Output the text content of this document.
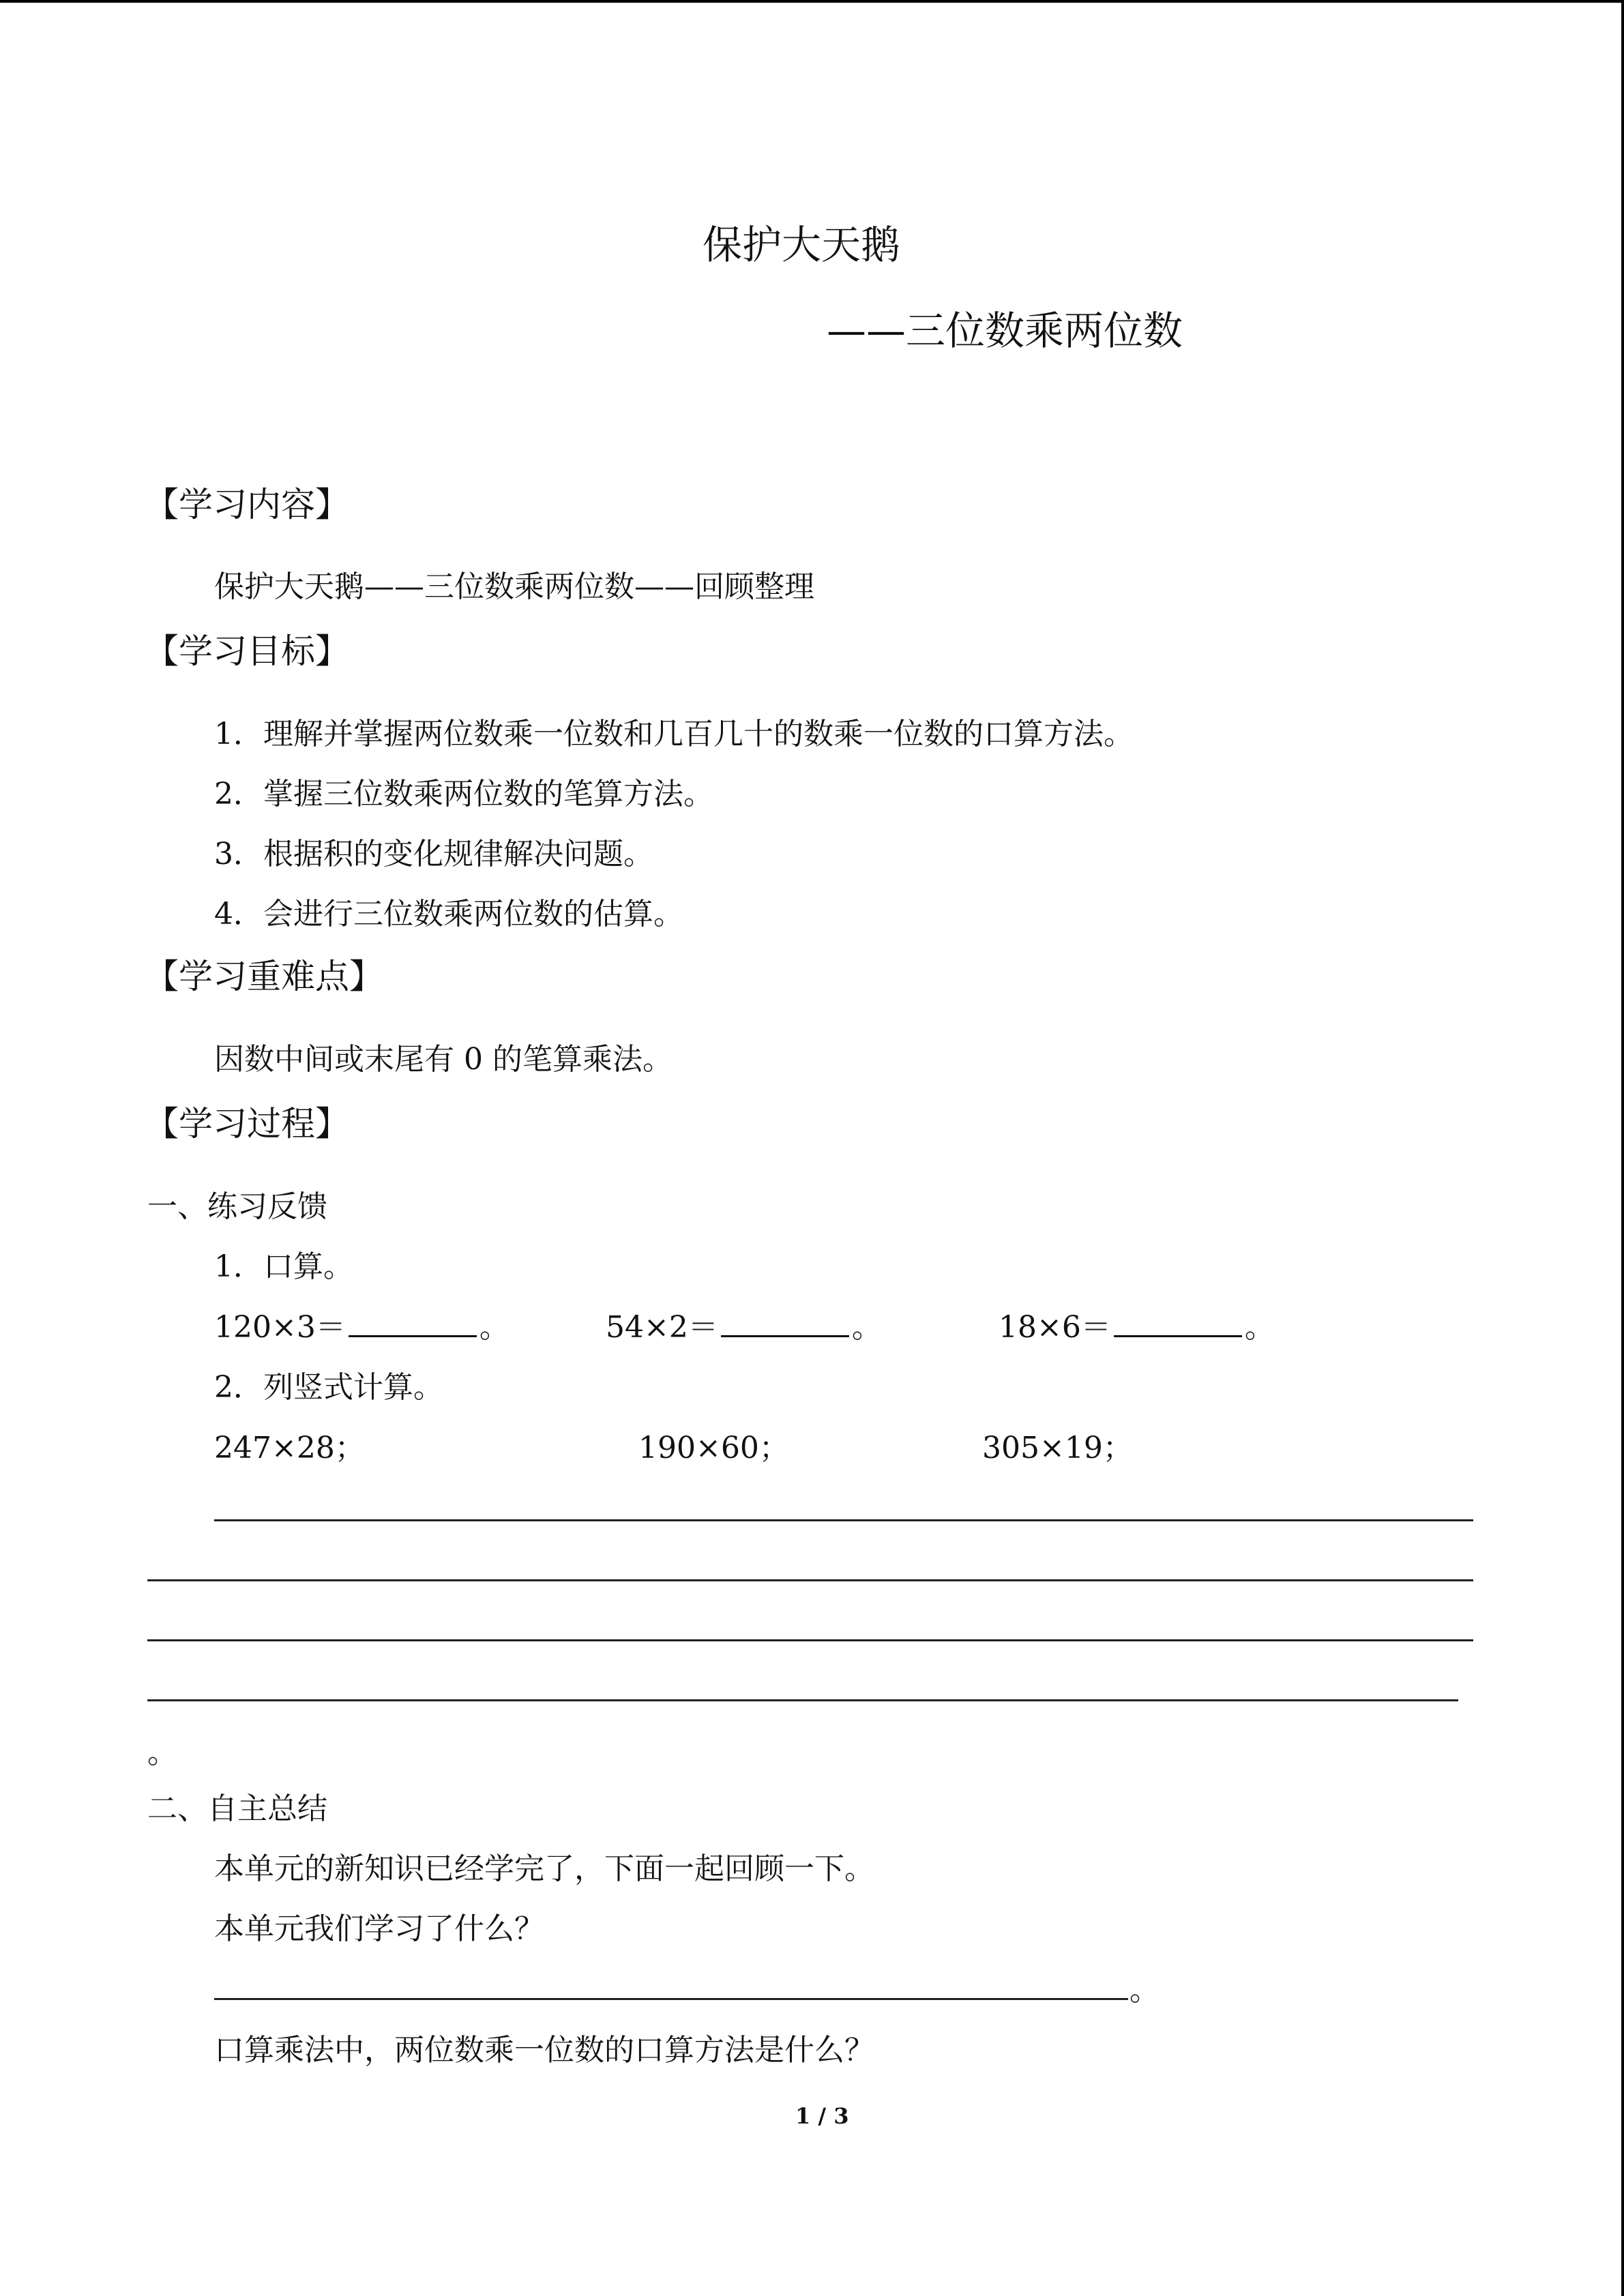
保护大天鹅
——三位数乘两位数
【学习内容】
保护大天鹅——三位数乘两位数——回顾整理
【学习目标】
1．理解并掌握两位数乘一位数和几百几十的数乘一位数的口算方法。
2．掌握三位数乘两位数的笔算方法。
3．根据积的变化规律解决问题。
4．会进行三位数乘两位数的估算。
【学习重难点】
因数中间或末尾有 0 的笔算乘法。
【学习过程】
一、练习反馈
1．口算。
120×3＝	。	54×2＝	。	18×6＝	。
2．列竖式计算。
247×28；	190×60；	305×19；
。
二、自主总结
本单元的新知识已经学完了，下面一起回顾一下。
本单元我们学习了什么？
。
口算乘法中，两位数乘一位数的口算方法是什么？
1 / 3
